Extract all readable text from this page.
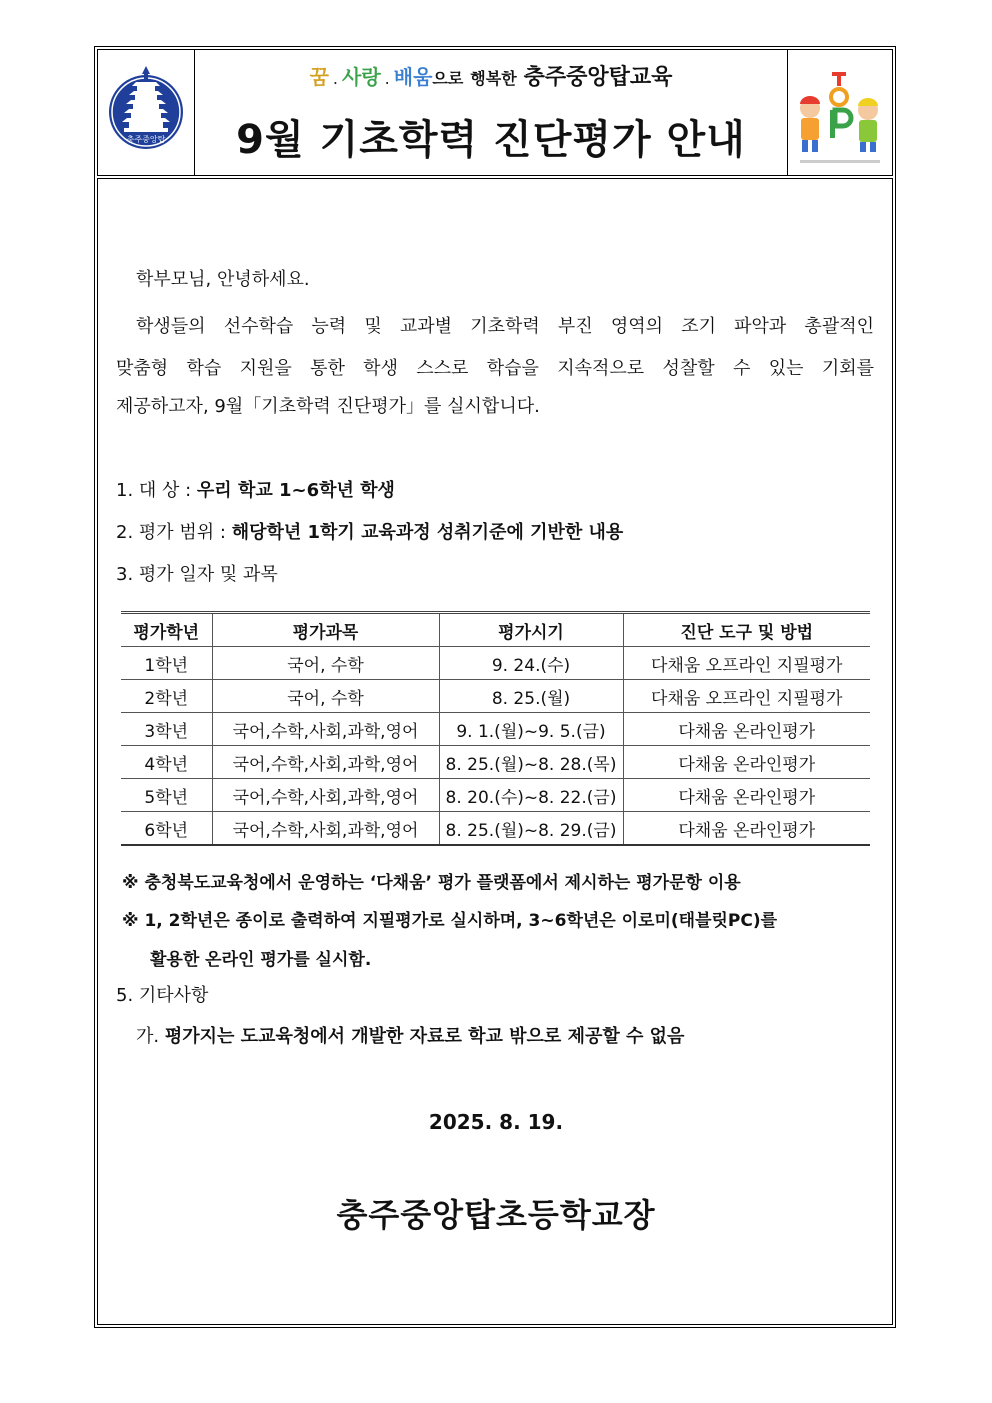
충주중앙탑
꿈 . 사랑 . 배움으로 행복한 충주중앙탑교육
9월 기초학력 진단평가 안내
학부모님, 안녕하세요.
학생들의 선수학습 능력 및 교과별 기초학력 부진 영역의 조기 파악과 총괄적인
맞춤형 학습 지원을 통한 학생 스스로 학습을 지속적으로 성찰할 수 있는 기회를
제공하고자, 9월「기초학력 진단평가」를 실시합니다.
1. 대 상 : 우리 학교 1~6학년 학생
2. 평가 범위 : 해당학년 1학기 교육과정 성취기준에 기반한 내용
3. 평가 일자 및 과목
평가학년	평가과목	평가시기	진단 도구 및 방법
1학년	국어, 수학	9. 24.(수)	다채움 오프라인 지필평가
2학년	국어, 수학	8. 25.(월)	다채움 오프라인 지필평가
3학년	국어,수학,사회,과학,영어	9. 1.(월)~9. 5.(금)	다채움 온라인평가
4학년	국어,수학,사회,과학,영어	8. 25.(월)~8. 28.(목)	다채움 온라인평가
5학년	국어,수학,사회,과학,영어	8. 20.(수)~8. 22.(금)	다채움 온라인평가
6학년	국어,수학,사회,과학,영어	8. 25.(월)~8. 29.(금)	다채움 온라인평가
※ 충청북도교육청에서 운영하는 ‘다채움’ 평가 플랫폼에서 제시하는 평가문항 이용
※ 1, 2학년은 종이로 출력하여 지필평가로 실시하며, 3~6학년은 이로미(태블릿PC)를
활용한 온라인 평가를 실시함.
5. 기타사항
가. 평가지는 도교육청에서 개발한 자료로 학교 밖으로 제공할 수 없음
2025. 8. 19.
충주중앙탑초등학교장
